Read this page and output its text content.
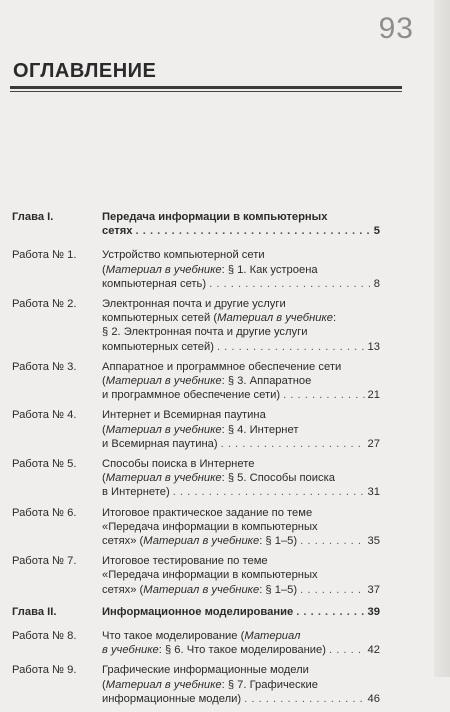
93
ОГЛАВЛЕНИЕ
Глава I.	Передача информации в компьютерных
сетях . . .	5
Работа № 1.	Устройство компьютерной сети
(Материал в учебнике: § 1. Как устроена
компьютерная сеть) . . .	8
Работа № 2.	Электронная почта и другие услуги
компьютерных сетей (Материал в учебнике:
§ 2. Электронная почта и другие услуги
компьютерных сетей) . . .	13
Работа № 3.	Аппаратное и программное обеспечение сети
(Материал в учебнике: § 3. Аппаратное
и программное обеспечение сети) . . .	21
Работа № 4.	Интернет и Всемирная паутина
(Материал в учебнике: § 4. Интернет
и Всемирная паутина) . . .	27
Работа № 5.	Способы поиска в Интернете
(Материал в учебнике: § 5. Способы поиска
в Интернете) . . .	31
Работа № 6.	Итоговое практическое задание по теме
«Передача информации в компьютерных
сетях» (Материал в учебнике: § 1–5) . . .	35
Работа № 7.	Итоговое тестирование по теме
«Передача информации в компьютерных
сетях» (Материал в учебнике: § 1–5) . . .	37
Глава II.	Информационное моделирование . . .	39
Работа № 8.	Что такое моделирование (Материал
в учебнике: § 6. Что такое моделирование) . . .	42
Работа № 9.	Графические информационные модели
(Материал в учебнике: § 7. Графические
информационные модели) . . .	46
